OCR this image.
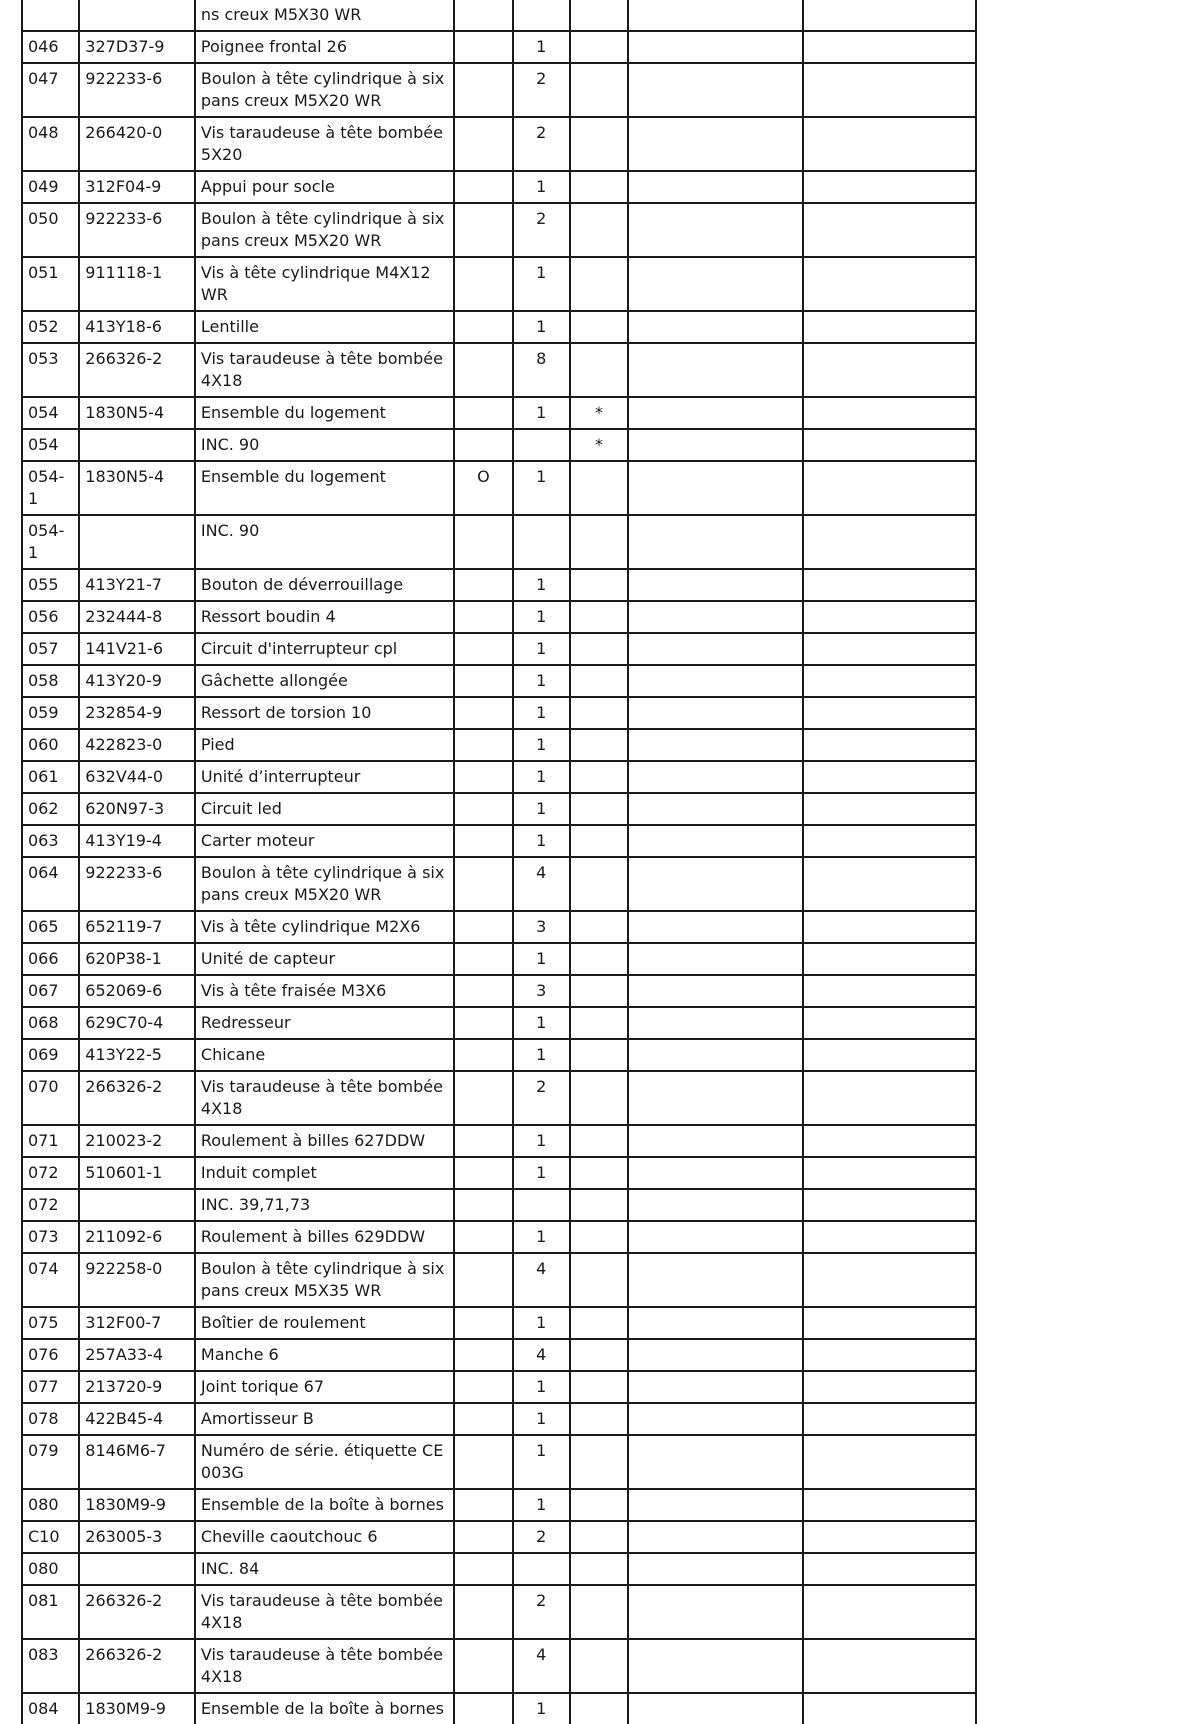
		ns creux M5X30 WR					
046	327D37-9	Poignee frontal 26		1			
047	922233-6	Boulon à tête cylindrique à six pans creux M5X20 WR		2			
048	266420-0	Vis taraudeuse à tête bombée 5X20		2			
049	312F04-9	Appui pour socle		1			
050	922233-6	Boulon à tête cylindrique à six pans creux M5X20 WR		2			
051	911118-1	Vis à tête cylindrique M4X12 WR		1			
052	413Y18-6	Lentille		1			
053	266326-2	Vis taraudeuse à tête bombée 4X18		8			
054	1830N5-4	Ensemble du logement		1	*		
054		INC. 90			*		
054-1	1830N5-4	Ensemble du logement	O	1			
054-1		INC. 90					
055	413Y21-7	Bouton de déverrouillage		1			
056	232444-8	Ressort boudin 4		1			
057	141V21-6	Circuit d'interrupteur cpl		1			
058	413Y20-9	Gâchette allongée		1			
059	232854-9	Ressort de torsion 10		1			
060	422823-0	Pied		1			
061	632V44-0	Unité d’interrupteur		1			
062	620N97-3	Circuit led		1			
063	413Y19-4	Carter moteur		1			
064	922233-6	Boulon à tête cylindrique à six pans creux M5X20 WR		4			
065	652119-7	Vis à tête cylindrique M2X6		3			
066	620P38-1	Unité de capteur		1			
067	652069-6	Vis à tête fraisée M3X6		3			
068	629C70-4	Redresseur		1			
069	413Y22-5	Chicane		1			
070	266326-2	Vis taraudeuse à tête bombée 4X18		2			
071	210023-2	Roulement à billes 627DDW		1			
072	510601-1	Induit complet		1			
072		INC. 39,71,73					
073	211092-6	Roulement à billes 629DDW		1			
074	922258-0	Boulon à tête cylindrique à six pans creux M5X35 WR		4			
075	312F00-7	Boîtier de roulement		1			
076	257A33-4	Manche 6		4			
077	213720-9	Joint torique 67		1			
078	422B45-4	Amortisseur B		1			
079	8146M6-7	Numéro de série. étiquette CE003G		1			
080	1830M9-9	Ensemble de la boîte à bornes		1			
C10	263005-3	Cheville caoutchouc 6		2			
080		INC. 84					
081	266326-2	Vis taraudeuse à tête bombée 4X18		2			
083	266326-2	Vis taraudeuse à tête bombée 4X18		4			
084	1830M9-9	Ensemble de la boîte à bornes		1			
